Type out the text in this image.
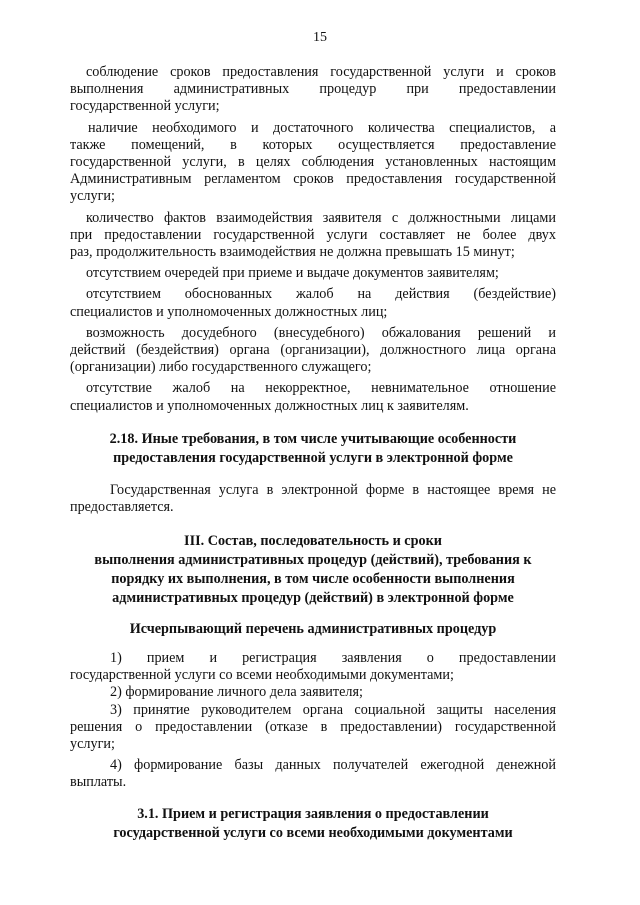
15
соблюдение сроков предоставления государственной услуги и сроков
выполнения административных процедур при предоставлении
государственной услуги;
наличие необходимого и достаточного количества специалистов, а
также помещений, в которых осуществляется предоставление
государственной услуги, в целях соблюдения установленных настоящим
Административным регламентом сроков предоставления государственной
услуги;
количество фактов взаимодействия заявителя с должностными лицами
при предоставлении государственной услуги составляет не более двух
раз, продолжительность взаимодействия не должна превышать 15 минут;
отсутствием очередей при приеме и выдаче документов заявителям;
отсутствием обоснованных жалоб на действия (бездействие)
специалистов и уполномоченных должностных лиц;
возможность досудебного (внесудебного) обжалования решений и
действий (бездействия) органа (организации), должностного лица органа
(организации) либо государственного служащего;
отсутствие жалоб на некорректное, невнимательное отношение
специалистов и уполномоченных должностных лиц к заявителям.
2.18. Иные требования, в том числе учитывающие особенности
предоставления государственной услуги в электронной форме
Государственная услуга в электронной форме в настоящее время не
предоставляется.
III. Состав, последовательность и сроки
выполнения административных процедур (действий), требования к
порядку их выполнения, в том числе особенности выполнения
административных процедур (действий) в электронной форме
Исчерпывающий перечень административных процедур
1) прием и регистрация заявления о предоставлении
государственной услуги со всеми необходимыми документами;
2) формирование личного дела заявителя;
3) принятие руководителем органа социальной защиты населения
решения о предоставлении (отказе в предоставлении) государственной
услуги;
4) формирование базы данных получателей ежегодной денежной
выплаты.
3.1. Прием и регистрация заявления о предоставлении
государственной услуги со всеми необходимыми документами
